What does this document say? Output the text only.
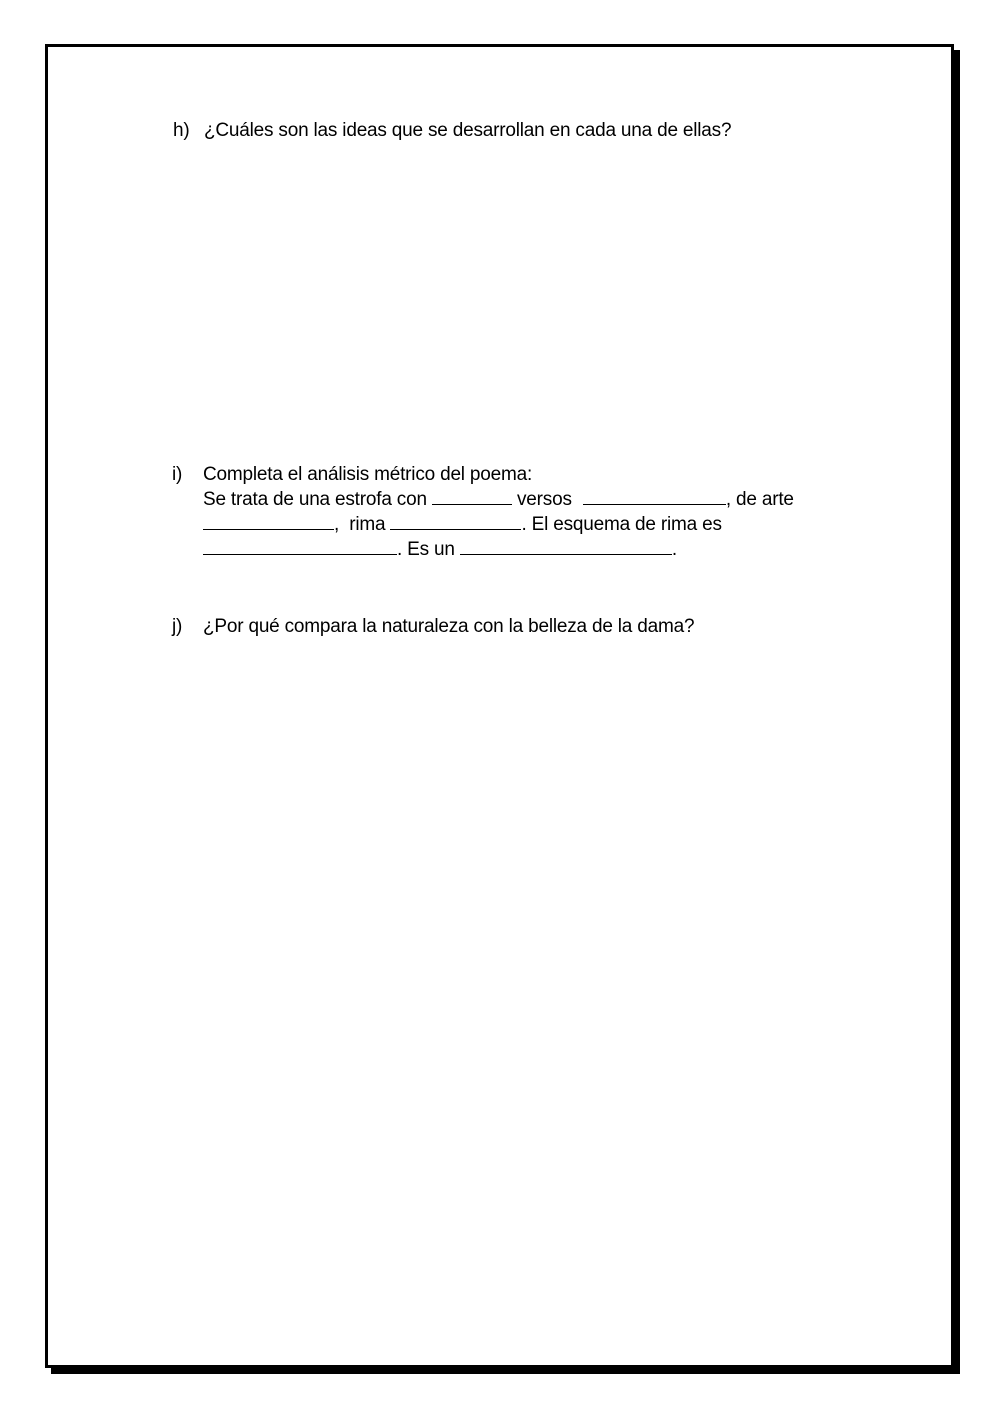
h) ¿Cuáles son las ideas que se desarrollan en cada una de ellas?
i) Completa el análisis métrico del poema:
Se trata de una estrofa con	versos	, de arte
,  rima	. El esquema de rima es
. Es un	.
j) ¿Por qué compara la naturaleza con la belleza de la dama?
